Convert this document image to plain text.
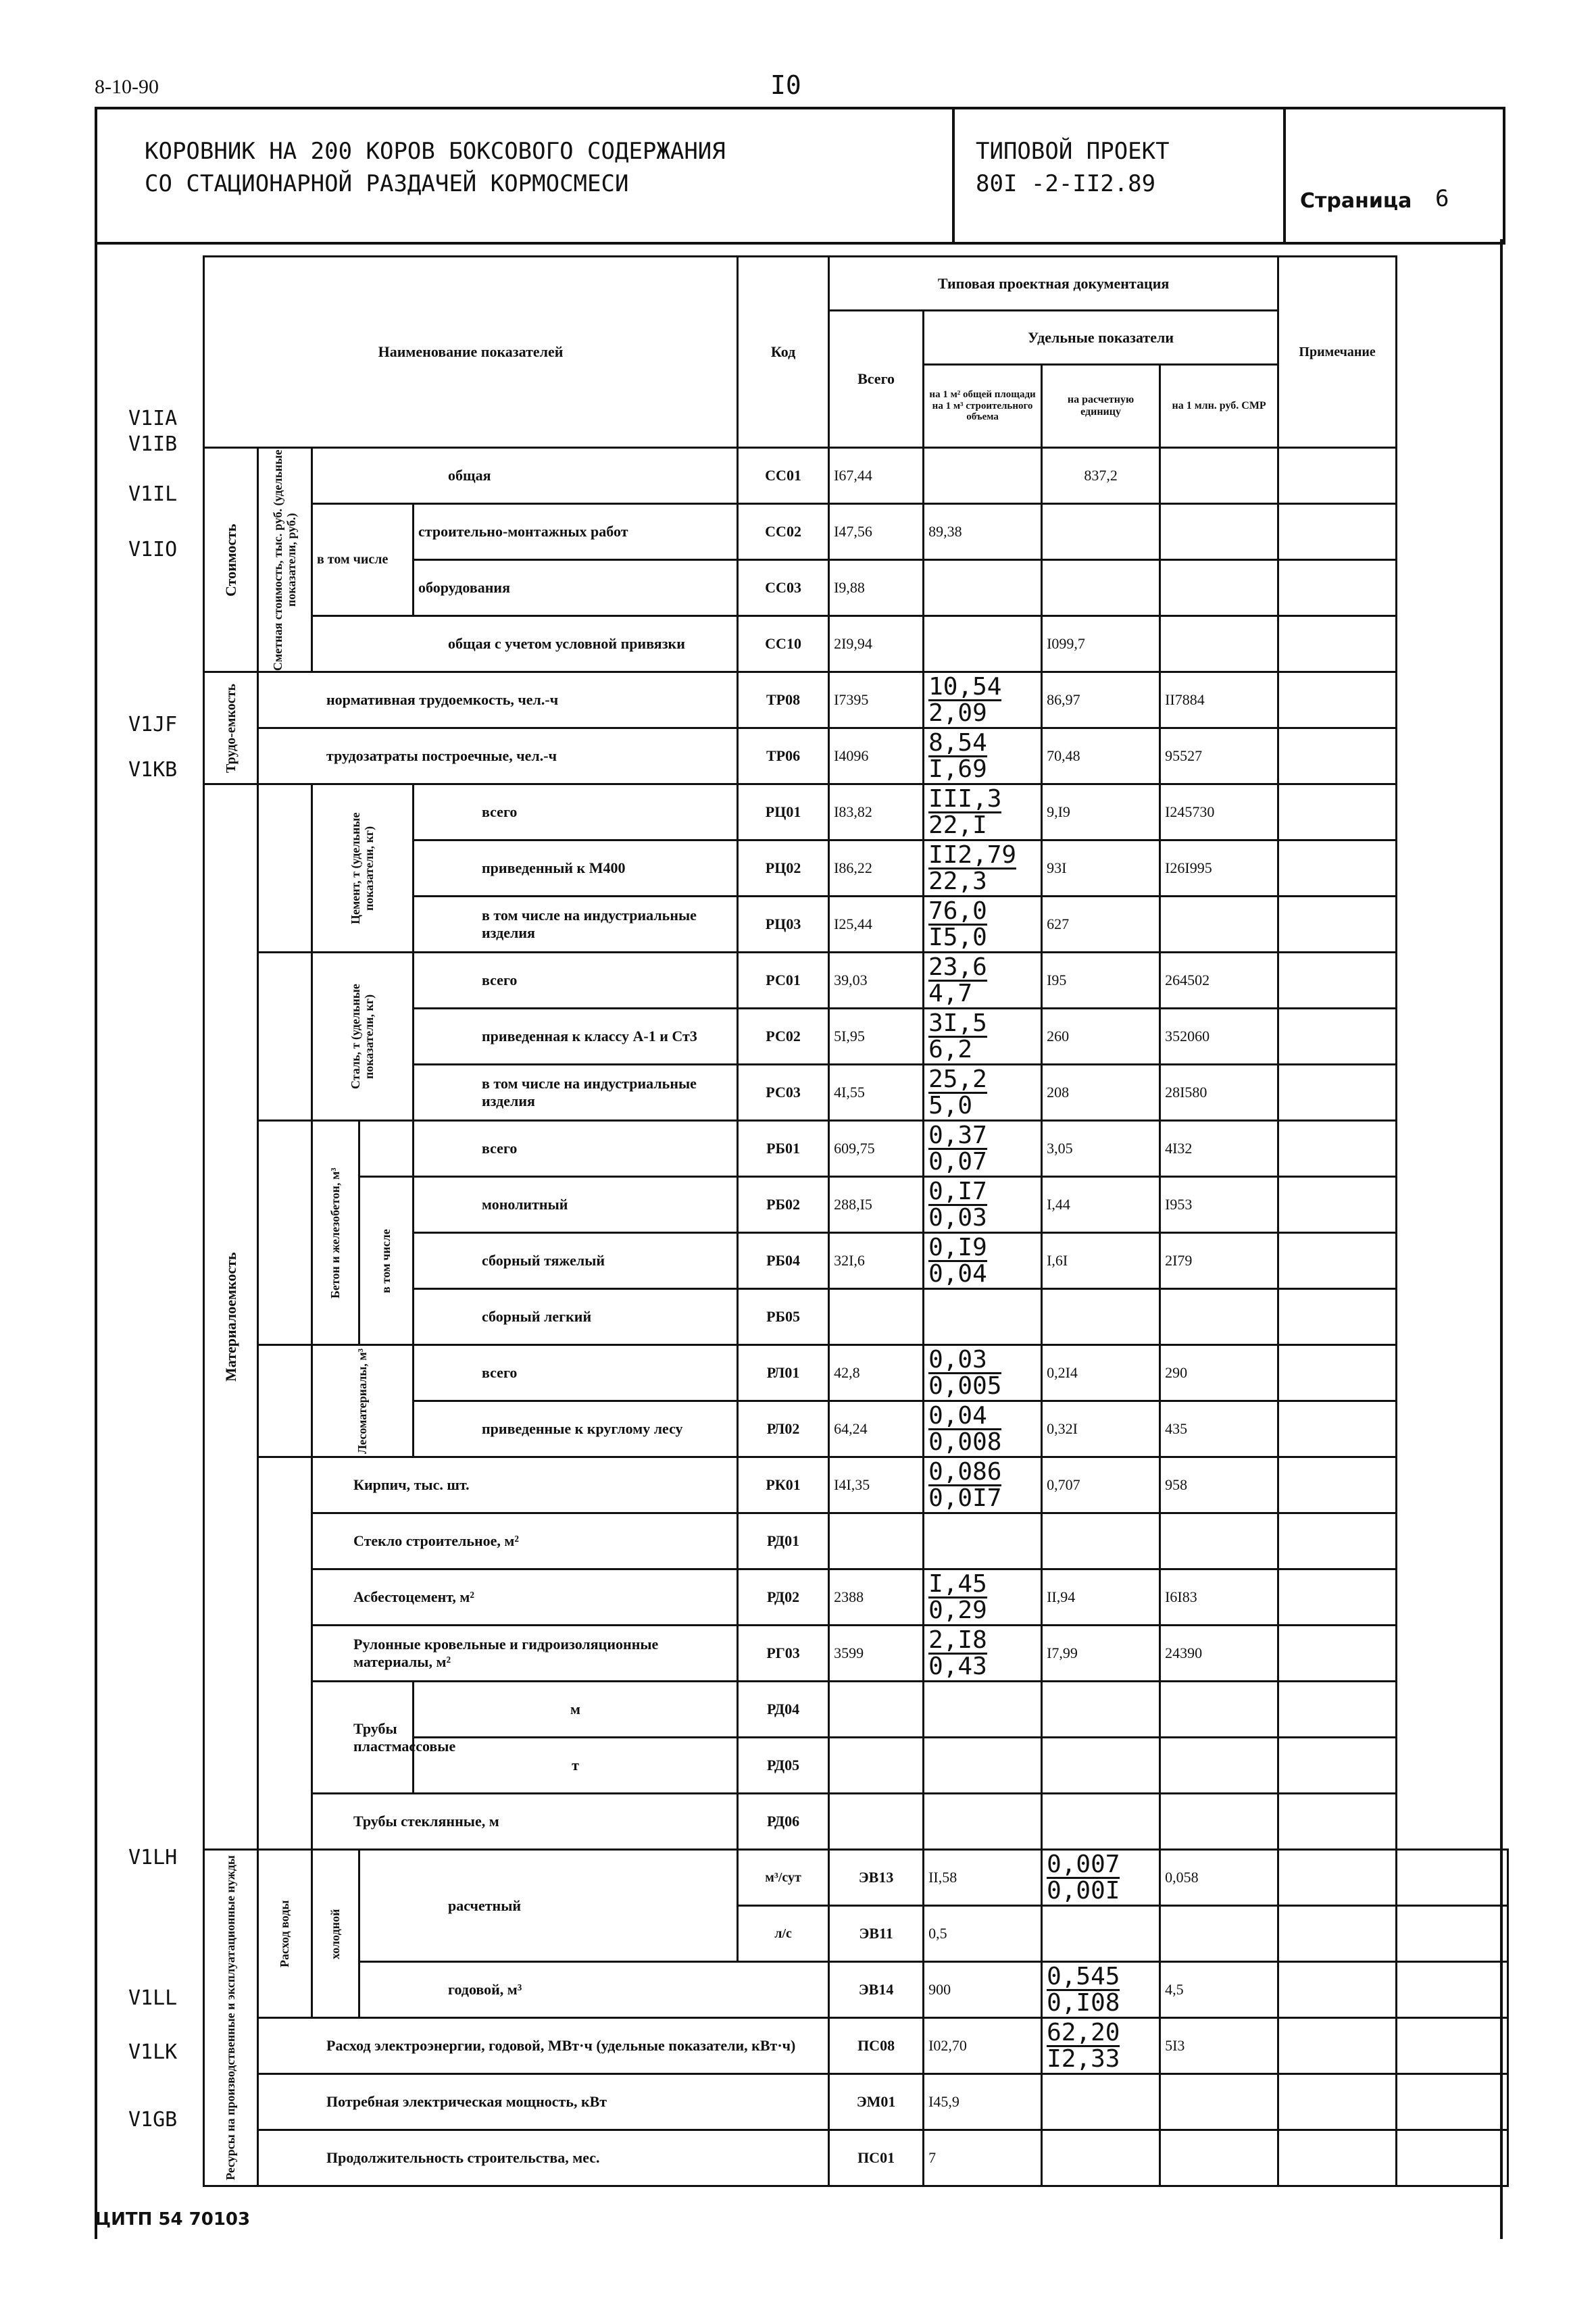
8-10-90	I0
КОРОВНИК НА 200 КОРОВ БОКСОВОГО СОДЕРЖАНИЯ
СО СТАЦИОНАРНОЙ РАЗДАЧЕЙ КОРМОСМЕСИ
ТИПОВОЙ ПРОЕКТ
80I -2-II2.89
Страница 6
V1IA
V1IB
V1IL
V1IO
V1JF
V1KB
V1LH
V1LL
V1LK
V1GB
Наименование показателей					Код	Типовая проектная документация				Примечание	
						Всего	Удельные показатели				
							на 1 м² общей площади на 1 м³ строительного объема	на расчетную единицу	на 1 млн. руб. СМР		
Стоимость	Сметная стоимость, тыс. руб. (удельные показатели, руб.)	общая			СС01	I67,44		837,2			
		в том числе		строительно-монтажных работ	СС02	I47,56	89,38				
				оборудования	СС03	I9,88					
		общая с учетом условной привязки			СС10	2I9,94		I099,7			
Трудо-емкость	нормативная трудоемкость, чел.-ч				ТР08	I7395	$\frac{10,54}{2,09}$	86,97	II7884		
	трудозатраты построечные, чел.-ч				ТР06	I4096	$\frac{8,54}{I,69}$	70,48	95527		
Материалоемкость		Цемент, т (удельные показатели, кг)		всего	РЦ01	I83,82	$\frac{\text{III,3}}{22,I}$	9,I9	I245730		
				приведенный к М400	РЦ02	I86,22	$\frac{II2,79}{22,3}$	93I	I26I995		
				в том числе на индустриальные изделия	РЦ03	I25,44	$\frac{76,0}{I5,0}$	627			
		Сталь, т (удельные показатели, кг)		всего	РС01	39,03	$\frac{23,6}{4,7}$	I95	264502		
				приведенная к классу А-1 и Ст3	РС02	5I,95	$\frac{3I,5}{6,2}$	260	352060		
				в том числе на индустриальные изделия	РС03	4I,55	$\frac{25,2}{5,0}$	208	28I580		
		Бетон и железобетон, м³		всего	РБ01	609,75	$\frac{0,37}{0,07}$	3,05	4I32		
			в том числе	монолитный	РБ02	288,I5	$\frac{0,I7}{0,03}$	I,44	I953		
				сборный тяжелый	РБ04	32I,6	$\frac{0,I9}{0,04}$	I,6I	2I79		
				сборный легкий	РБ05						
		Лесоматериалы, м³		всего	РЛ01	42,8	$\frac{0,03}{0,005}$	0,2I4	290		
				приведенные к круглому лесу	РЛ02	64,24	$\frac{0,04}{0,008}$	0,32I	435		
		Кирпич, тыс. шт.			РК01	I4I,35	$\frac{0,086}{0,0I7}$	0,707	958		
		Стекло строительное, м²			РД01						
		Асбестоцемент, м²			РД02	2388	$\frac{I,45}{0,29}$	II,94	I6I83		
		Рулонные кровельные и гидроизоляционные материалы, м²			РГ03	3599	$\frac{2,I8}{0,43}$	I7,99	24390		
		Трубы пластмассовые		м	РД04						
				т	РД05						
		Трубы стеклянные, м			РД06						
Ресурсы на производственные и эксплуатационные нужды	Расход воды	холодной	расчетный		м³/сут	ЭВ13	II,58	$\frac{0,007}{0,00I}$	0,058		
					л/с	ЭВ11	0,5				
			годовой, м³			ЭВ14	900	$\frac{0,545}{0,I08}$	4,5		
	Расход электроэнергии, годовой, МВт·ч (удельные показатели, кВт·ч)					ПС08	I02,70	$\frac{62,20}{I2,33}$	5I3		
	Потребная электрическая мощность, кВт					ЭМ01	I45,9				
	Продолжительность строительства, мес.					ПС01	7				
ЦИТП 54 70103
